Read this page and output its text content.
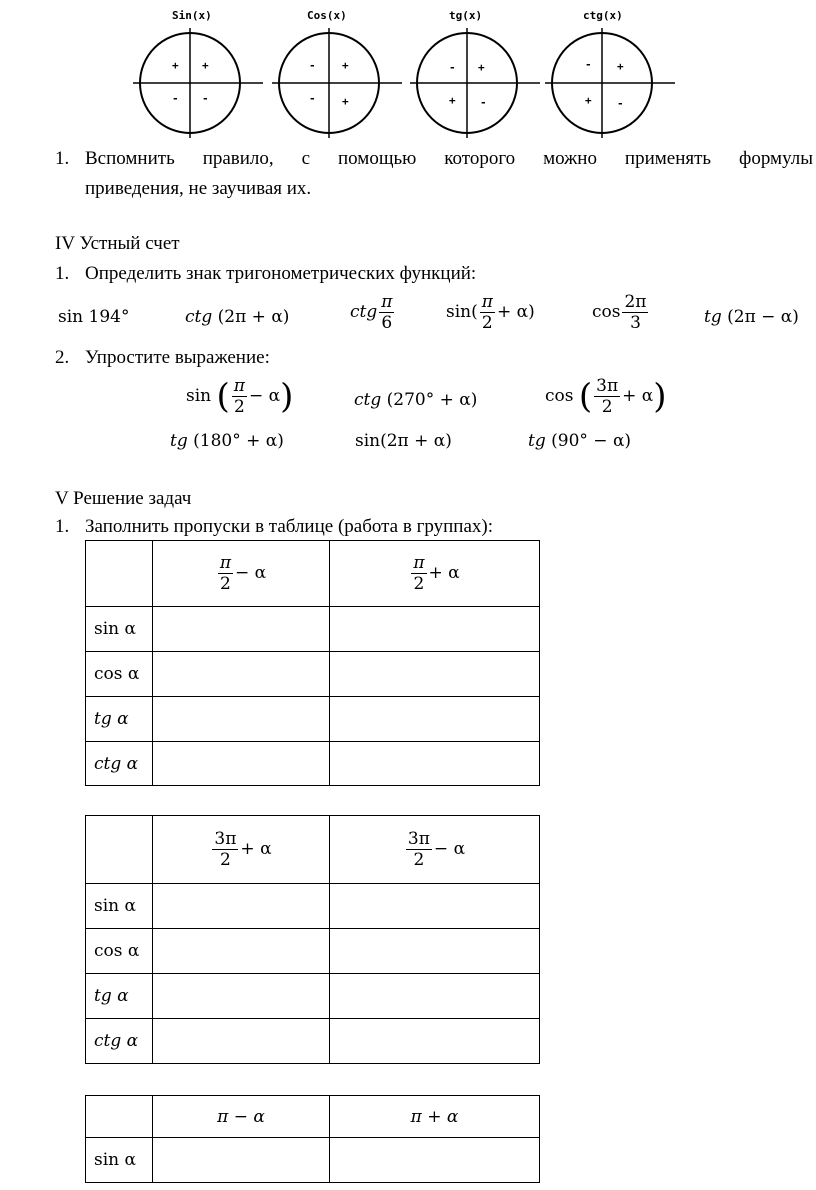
Sin(x)
+ +
- -
Cos(x)
- +
- +
tg(x)
- +
+ -
ctg(x)
- +
+ -
1. Вспомнить правило, с помощью которого можно применять формулы
приведения, не заучивая их.
IV Устный счет
1. Определить знак тригонометрических функций:
sin 194°	ctg (2π + α)	ctg $\frac{\pi}{6}$	$\sin( \frac{\pi}{2} + \alpha)$	$\cos \frac{2\pi}{3}$	tg (2π − α)
2. Упростите выражение:
sin ( $\frac{\pi}{2} - \alpha$)	ctg (270° + α)	cos ( $\frac{3\pi}{2} + \alpha$)
tg (180° + α)	sin(2π + α)	tg (90° − α)
V Решение задач
1. Заполнить пропуски в таблице (работа в группах):

	$\frac{\pi}{2} - \alpha$	$\frac{\pi}{2} + \alpha$
sin α		
cos α		
tg α		
ctg α		

	$\frac{3\pi}{2} + \alpha$	$\frac{3\pi}{2} - \alpha$
sin α		
cos α		
tg α		
ctg α		
	π − α	π + α
sin α		
